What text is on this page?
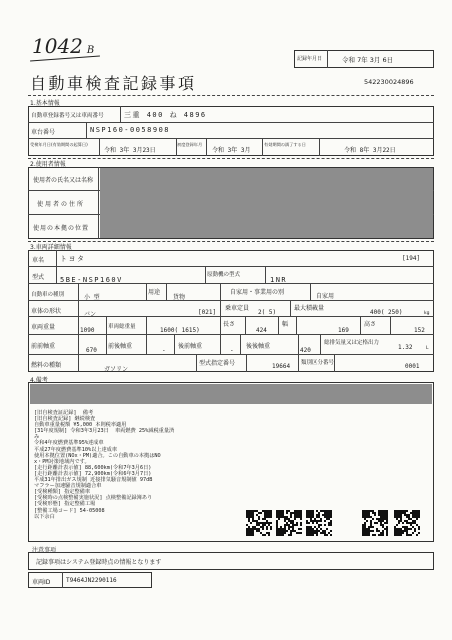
1042 B
記録年月日	令和 7年 3月 6日
自動車検査記録事項	542230024896
1.基本情報
自動車登録番号又は車両番号	三重 400 ね 4896
車台番号	NSP160-0058908
受検年月日(有効期間の起算日)
令和 3年 3月23日
初度登録年月
令和 3年 3月
有効期間の満了する日
令和 8年 3月22日
2.使用者情報
使用者の氏名又は名称
使用者の住所
使用の本拠の位置
3.車両詳細情報
車名 トヨタ	[194]
型式 5BE-NSP160V
原動機の型式
1NR
自動車の種別	小 型
用途
貨物
自家用・事業用の別
自家用
車体の形状	バン	[021]
乗車定員
2( 5)
最大積載量
400( 250)	kg
車両重量	1090 車両総重量	1600( 1615)
長さ
424
幅
169
高さ
152
前前軸重
670
前後軸重
-
後前軸重
-
後後軸重
420
総排気量又は定格出力
1.32	L
燃料の種類
ガソリン
型式指定番号	19664 類別区分番号	0001
4.備考
[旧自検査証記録]  備考
[旧自検査記録] 継続検査
自動車重量税額 ¥5,000 本則税率適用
[31年度規制] 令和3年3月23日  車両燃費 25%減税重量済
み
令和4年度燃費基準95%達成車
平成27年度燃費基準10%以上達成車
使用本拠位置(NOx・PM)適合。この自動車の本拠はNO
x・PM対策地域内です。
[走行距離計表示値] 88,600km(令和7年3月6日)
[走行距離計表示値] 72,900km(令和6年3月7日)
平成31年排出ガス規制 近接排気騒音規制値 97dB
マフラー加速騒音規制適合車
[受検種類] 指定整備車
[受検時の点検整備実施状況] 点検整備記録簿あり
[受検形態] 指定整備工場
[整備工場コード] 54-05008
以下余白
注意事項
記録事項はシステム登録時点の情報となります
車両ID	T9464JN2290116
